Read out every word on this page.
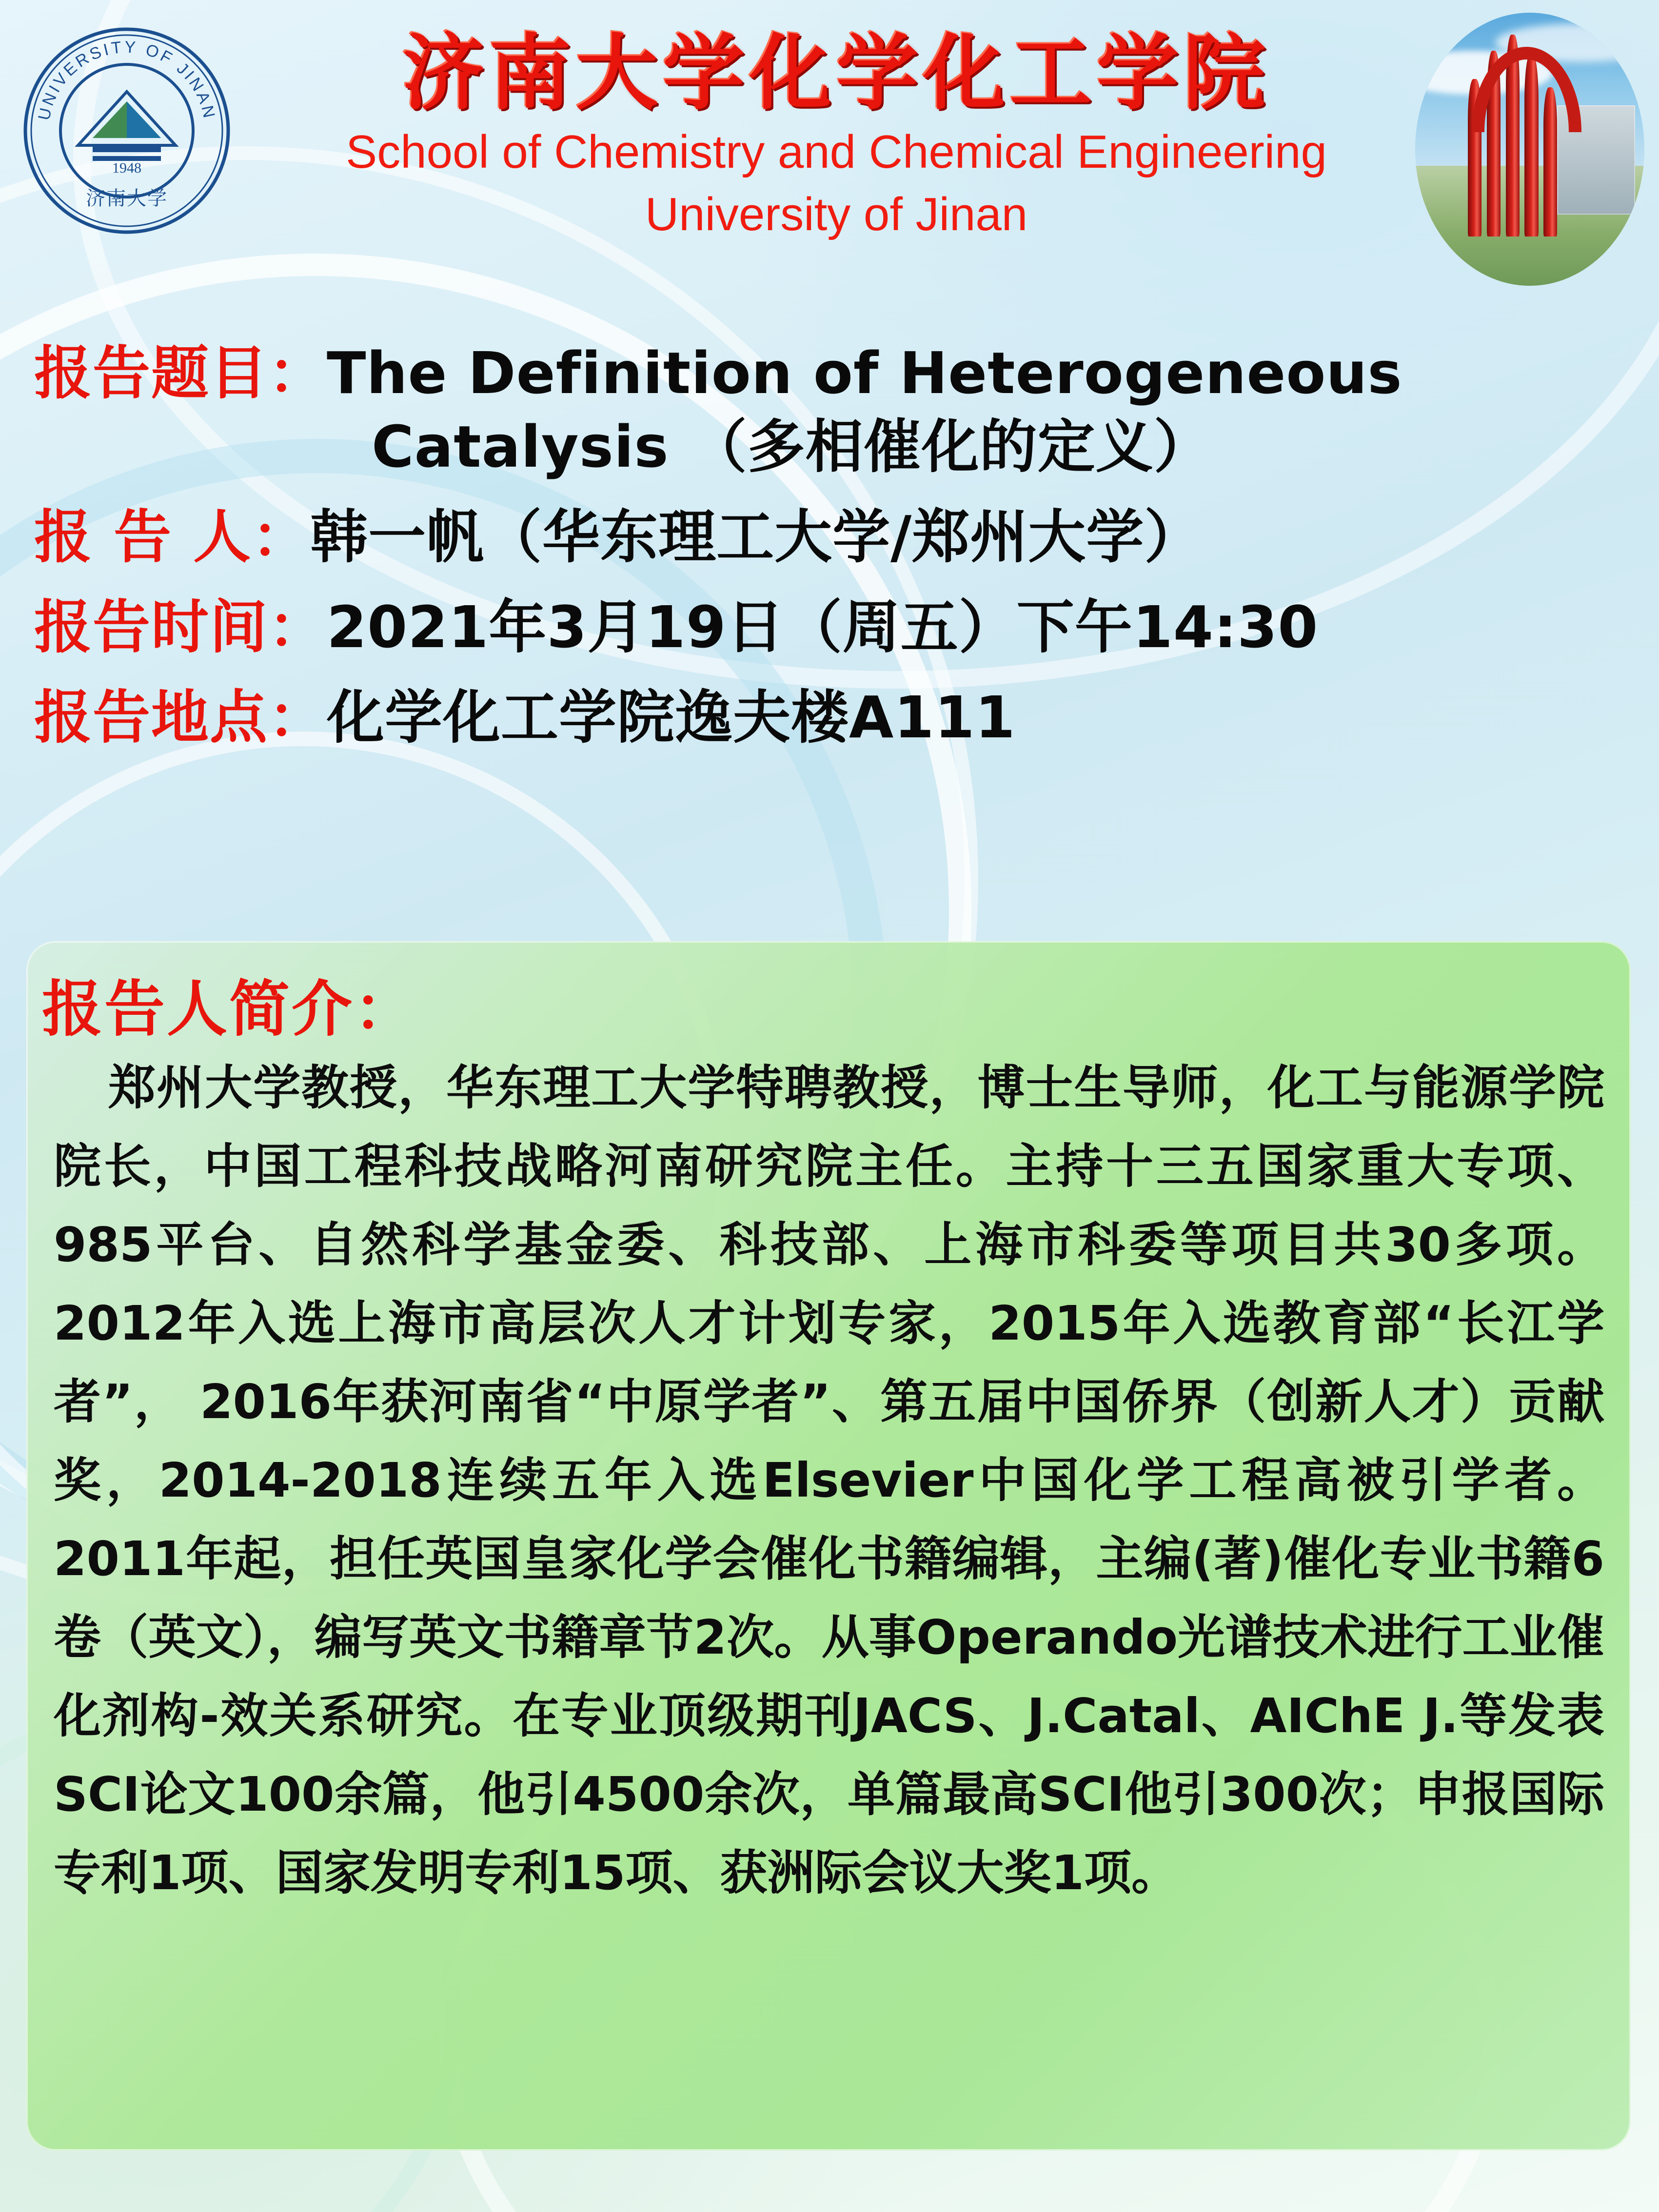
1948
济南大学
UNIVERSITY OF JINAN	济南大学化学化工学院
School of Chemistry and Chemical Engineering
University of Jinan
报告题目： The Definition of Heterogeneous
Catalysis （多相催化的定义）
报 告 人： 韩一帆（华东理工大学/郑州大学）
报告时间： 2021年3月19日（周五）下午14:30
报告地点： 化学化工学院逸夫楼A111
报告人简介：
郑州大学教授，华东理工大学特聘教授，博士生导师，化工与能源学院院长，中国工程科技战略河南研究院主任。主持十三五国家重大专项、985平台、自然科学基金委、科技部、上海市科委等项目共30多项。2012年入选上海市高层次人才计划专家，2015年入选教育部“长江学者”， 2016年获河南省“中原学者”、第五届中国侨界（创新人才）贡献奖，2014-2018连续五年入选Elsevier中国化学工程高被引学者。2011年起，担任英国皇家化学会催化书籍编辑，主编(著)催化专业书籍6卷（英文），编写英文书籍章节2次。从事Operando光谱技术进行工业催化剂构-效关系研究。在专业顶级期刊JACS、J.Catal、AIChE J.等发表SCI论文100余篇，他引4500余次，单篇最高SCI他引300次；申报国际专利1项、国家发明专利15项、获洲际会议大奖1项。
